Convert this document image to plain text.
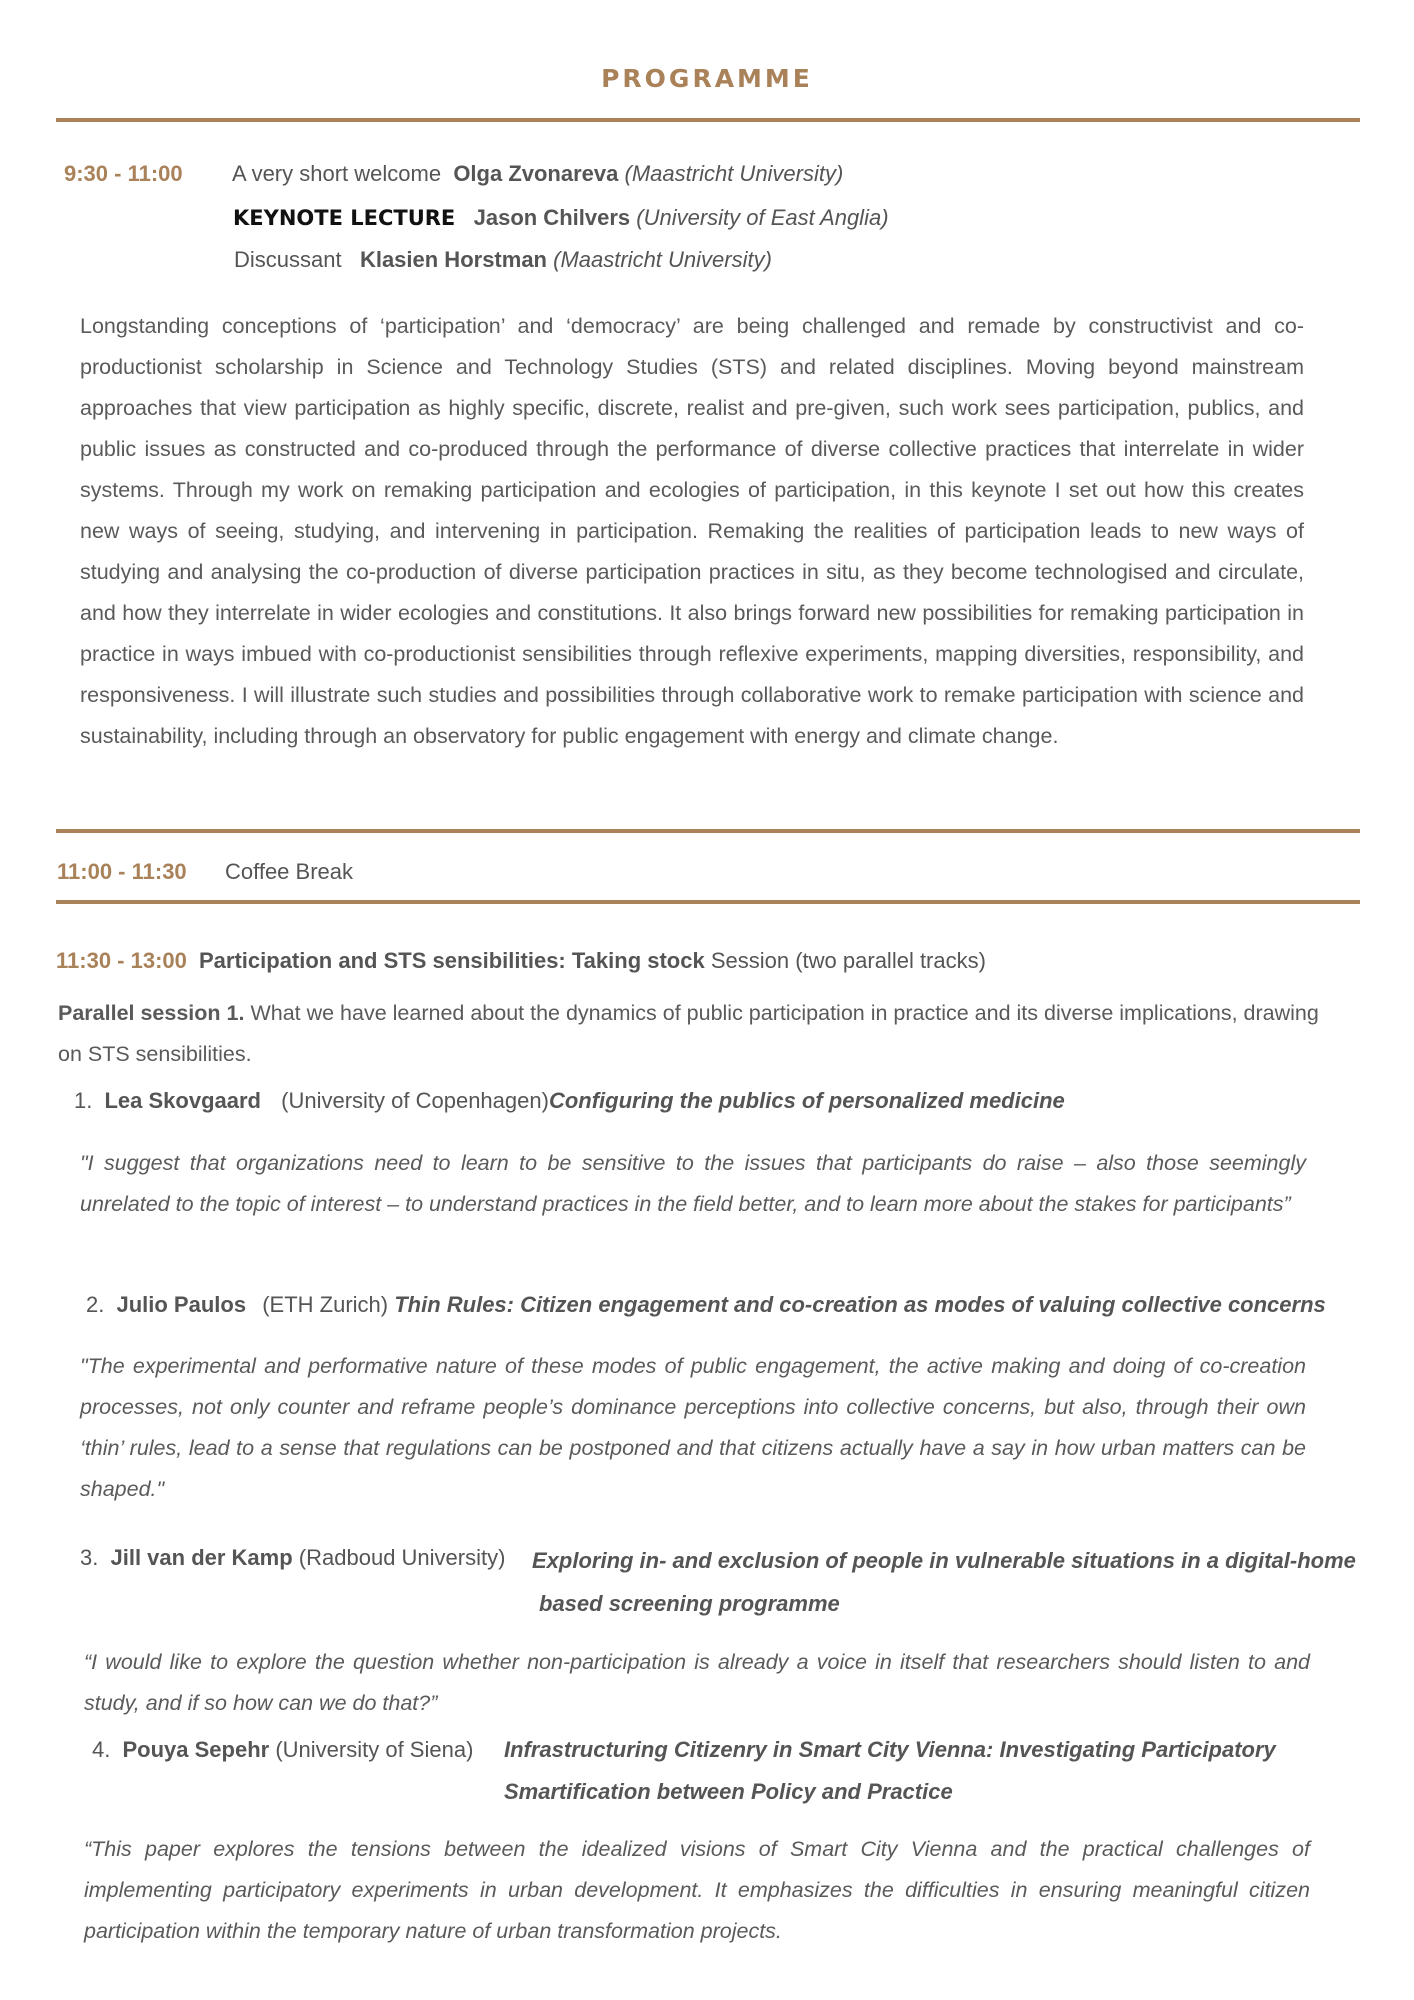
PROGRAMME
9:30 - 11:00 A very short welcome Olga Zvonareva (Maastricht University)
KEYNOTE LECTURE Jason Chilvers (University of East Anglia)
Discussant Klasien Horstman (Maastricht University)
Longstanding conceptions of ‘participation’ and ‘democracy’ are being challenged and remade by constructivist and co-productionist scholarship in Science and Technology Studies (STS) and related disciplines. Moving beyond mainstream approaches that view participation as highly specific, discrete, realist and pre-given, such work sees participation, publics, and public issues as constructed and co-produced through the performance of diverse collective practices that interrelate in wider systems. Through my work on remaking participation and ecologies of participation, in this keynote I set out how this creates new ways of seeing, studying, and intervening in participation. Remaking the realities of participation leads to new ways of studying and analysing the co-production of diverse participation practices in situ, as they become technologised and circulate, and how they interrelate in wider ecologies and constitutions. It also brings forward new possibilities for remaking participation in practice in ways imbued with co-productionist sensibilities through reflexive experiments, mapping diversities, responsibility, and responsiveness. I will illustrate such studies and possibilities through collaborative work to remake participation with science and sustainability, including through an observatory for public engagement with energy and climate change.
11:00 - 11:30 Coffee Break
11:30 - 13:00 Participation and STS sensibilities: Taking stock Session (two parallel tracks)
Parallel session 1. What we have learned about the dynamics of public participation in practice and its diverse implications, drawing on STS sensibilities.
1. Lea Skovgaard (University of Copenhagen)Configuring the publics of personalized medicine
"I suggest that organizations need to learn to be sensitive to the issues that participants do raise – also those seemingly unrelated to the topic of interest – to understand practices in the field better, and to learn more about the stakes for participants”
2. Julio Paulos (ETH Zurich) Thin Rules: Citizen engagement and co-creation as modes of valuing collective concerns
"The experimental and performative nature of these modes of public engagement, the active making and doing of co-creation processes, not only counter and reframe people’s dominance perceptions into collective concerns, but also, through their own ‘thin’ rules, lead to a sense that regulations can be postponed and that citizens actually have a say in how urban matters can be shaped."
3. Jill van der Kamp (Radboud University) Exploring in- and exclusion of people in vulnerable situations in a digital-home
based screening programme
“I would like to explore the question whether non-participation is already a voice in itself that researchers should listen to and study, and if so how can we do that?”
4. Pouya Sepehr (University of Siena) Infrastructuring Citizenry in Smart City Vienna: Investigating Participatory
Smartification between Policy and Practice
“This paper explores the tensions between the idealized visions of Smart City Vienna and the practical challenges of implementing participatory experiments in urban development. It emphasizes the difficulties in ensuring meaningful citizen participation within the temporary nature of urban transformation projects.
